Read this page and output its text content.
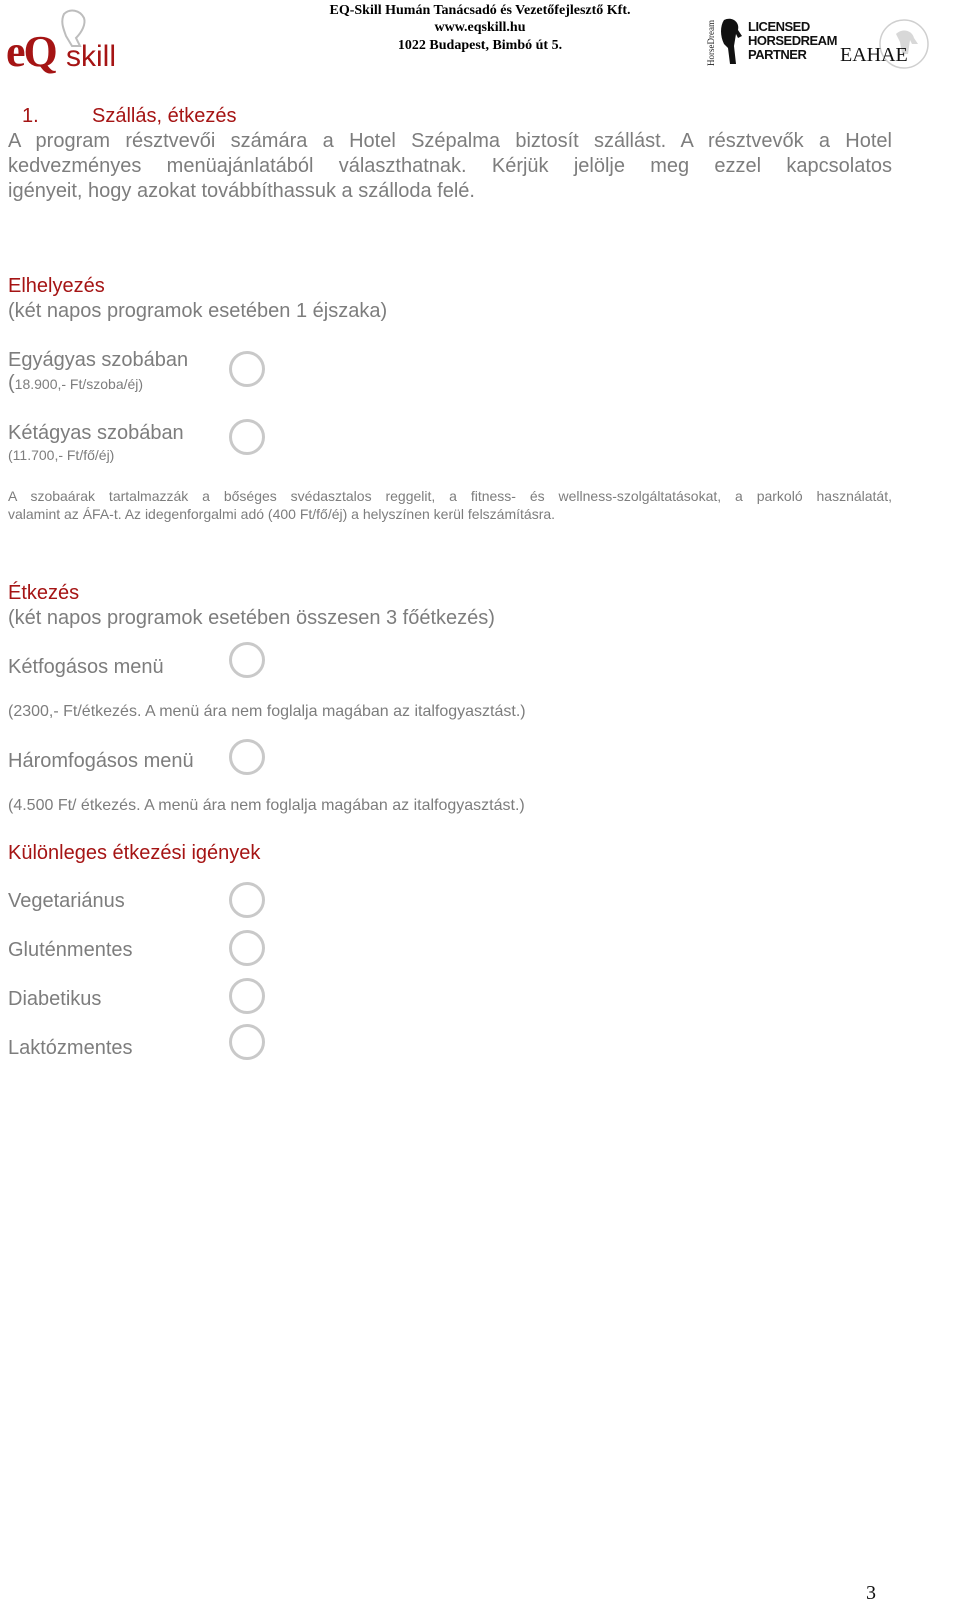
eQ skill
EQ-Skill Humán Tanácsadó és Vezetőfejlesztő Kft.
www.eqskill.hu
1022 Budapest, Bimbó út 5.	HorseDream LICENSED
HORSEDREAM
PARTNER	EAHAE
1.	Szállás, étkezés
A program résztvevői számára a Hotel Szépalma biztosít szállást. A résztvevők a Hotel
kedvezményes menüajánlatából választhatnak. Kérjük jelölje meg ezzel kapcsolatos
igényeit, hogy azokat továbbíthassuk a szálloda felé.
Elhelyezés
(két napos programok esetében 1 éjszaka)
Egyágyas szobában
(18.900,- Ft/szoba/éj)
Kétágyas szobában
(11.700,- Ft/fő/éj)
A szobaárak tartalmazzák a bőséges svédasztalos reggelit, a fitness- és wellness-szolgáltatásokat, a parkoló használatát,
valamint az ÁFA-t. Az idegenforgalmi adó (400 Ft/fő/éj) a helyszínen kerül felszámításra.
Étkezés
(két napos programok esetében összesen 3 főétkezés)
Kétfogásos menü
(2300,- Ft/étkezés. A menü ára nem foglalja magában az italfogyasztást.)
Háromfogásos menü
(4.500 Ft/ étkezés. A menü ára nem foglalja magában az italfogyasztást.)
Különleges étkezési igények
Vegetariánus
Gluténmentes
Diabetikus
Laktózmentes
3
